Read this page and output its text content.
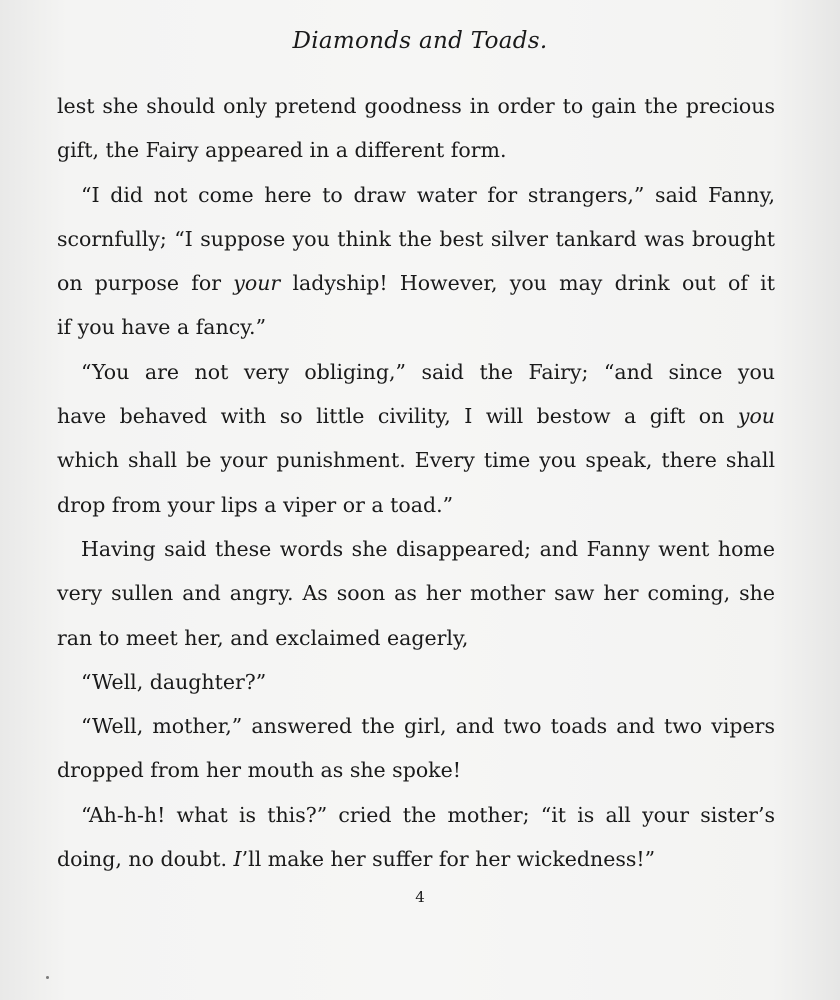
Diamonds and Toads.
lest she should only pretend goodness in order to gain the precious
gift, the Fairy appeared in a different form.
“I did not come here to draw water for strangers,” said Fanny,
scornfully; “I suppose you think the best silver tankard was brought
on purpose for your ladyship! However, you may drink out of it
if you have a fancy.”
“You are not very obliging,” said the Fairy; “and since you
have behaved with so little civility, I will bestow a gift on you
which shall be your punishment. Every time you speak, there shall
drop from your lips a viper or a toad.”
Having said these words she disappeared; and Fanny went home
very sullen and angry. As soon as her mother saw her coming, she
ran to meet her, and exclaimed eagerly,
“Well, daughter?”
“Well, mother,” answered the girl, and two toads and two vipers
dropped from her mouth as she spoke!
“Ah-h-h! what is this?” cried the mother; “it is all your sister’s
doing, no doubt. I’ll make her suffer for her wickedness!”
4
